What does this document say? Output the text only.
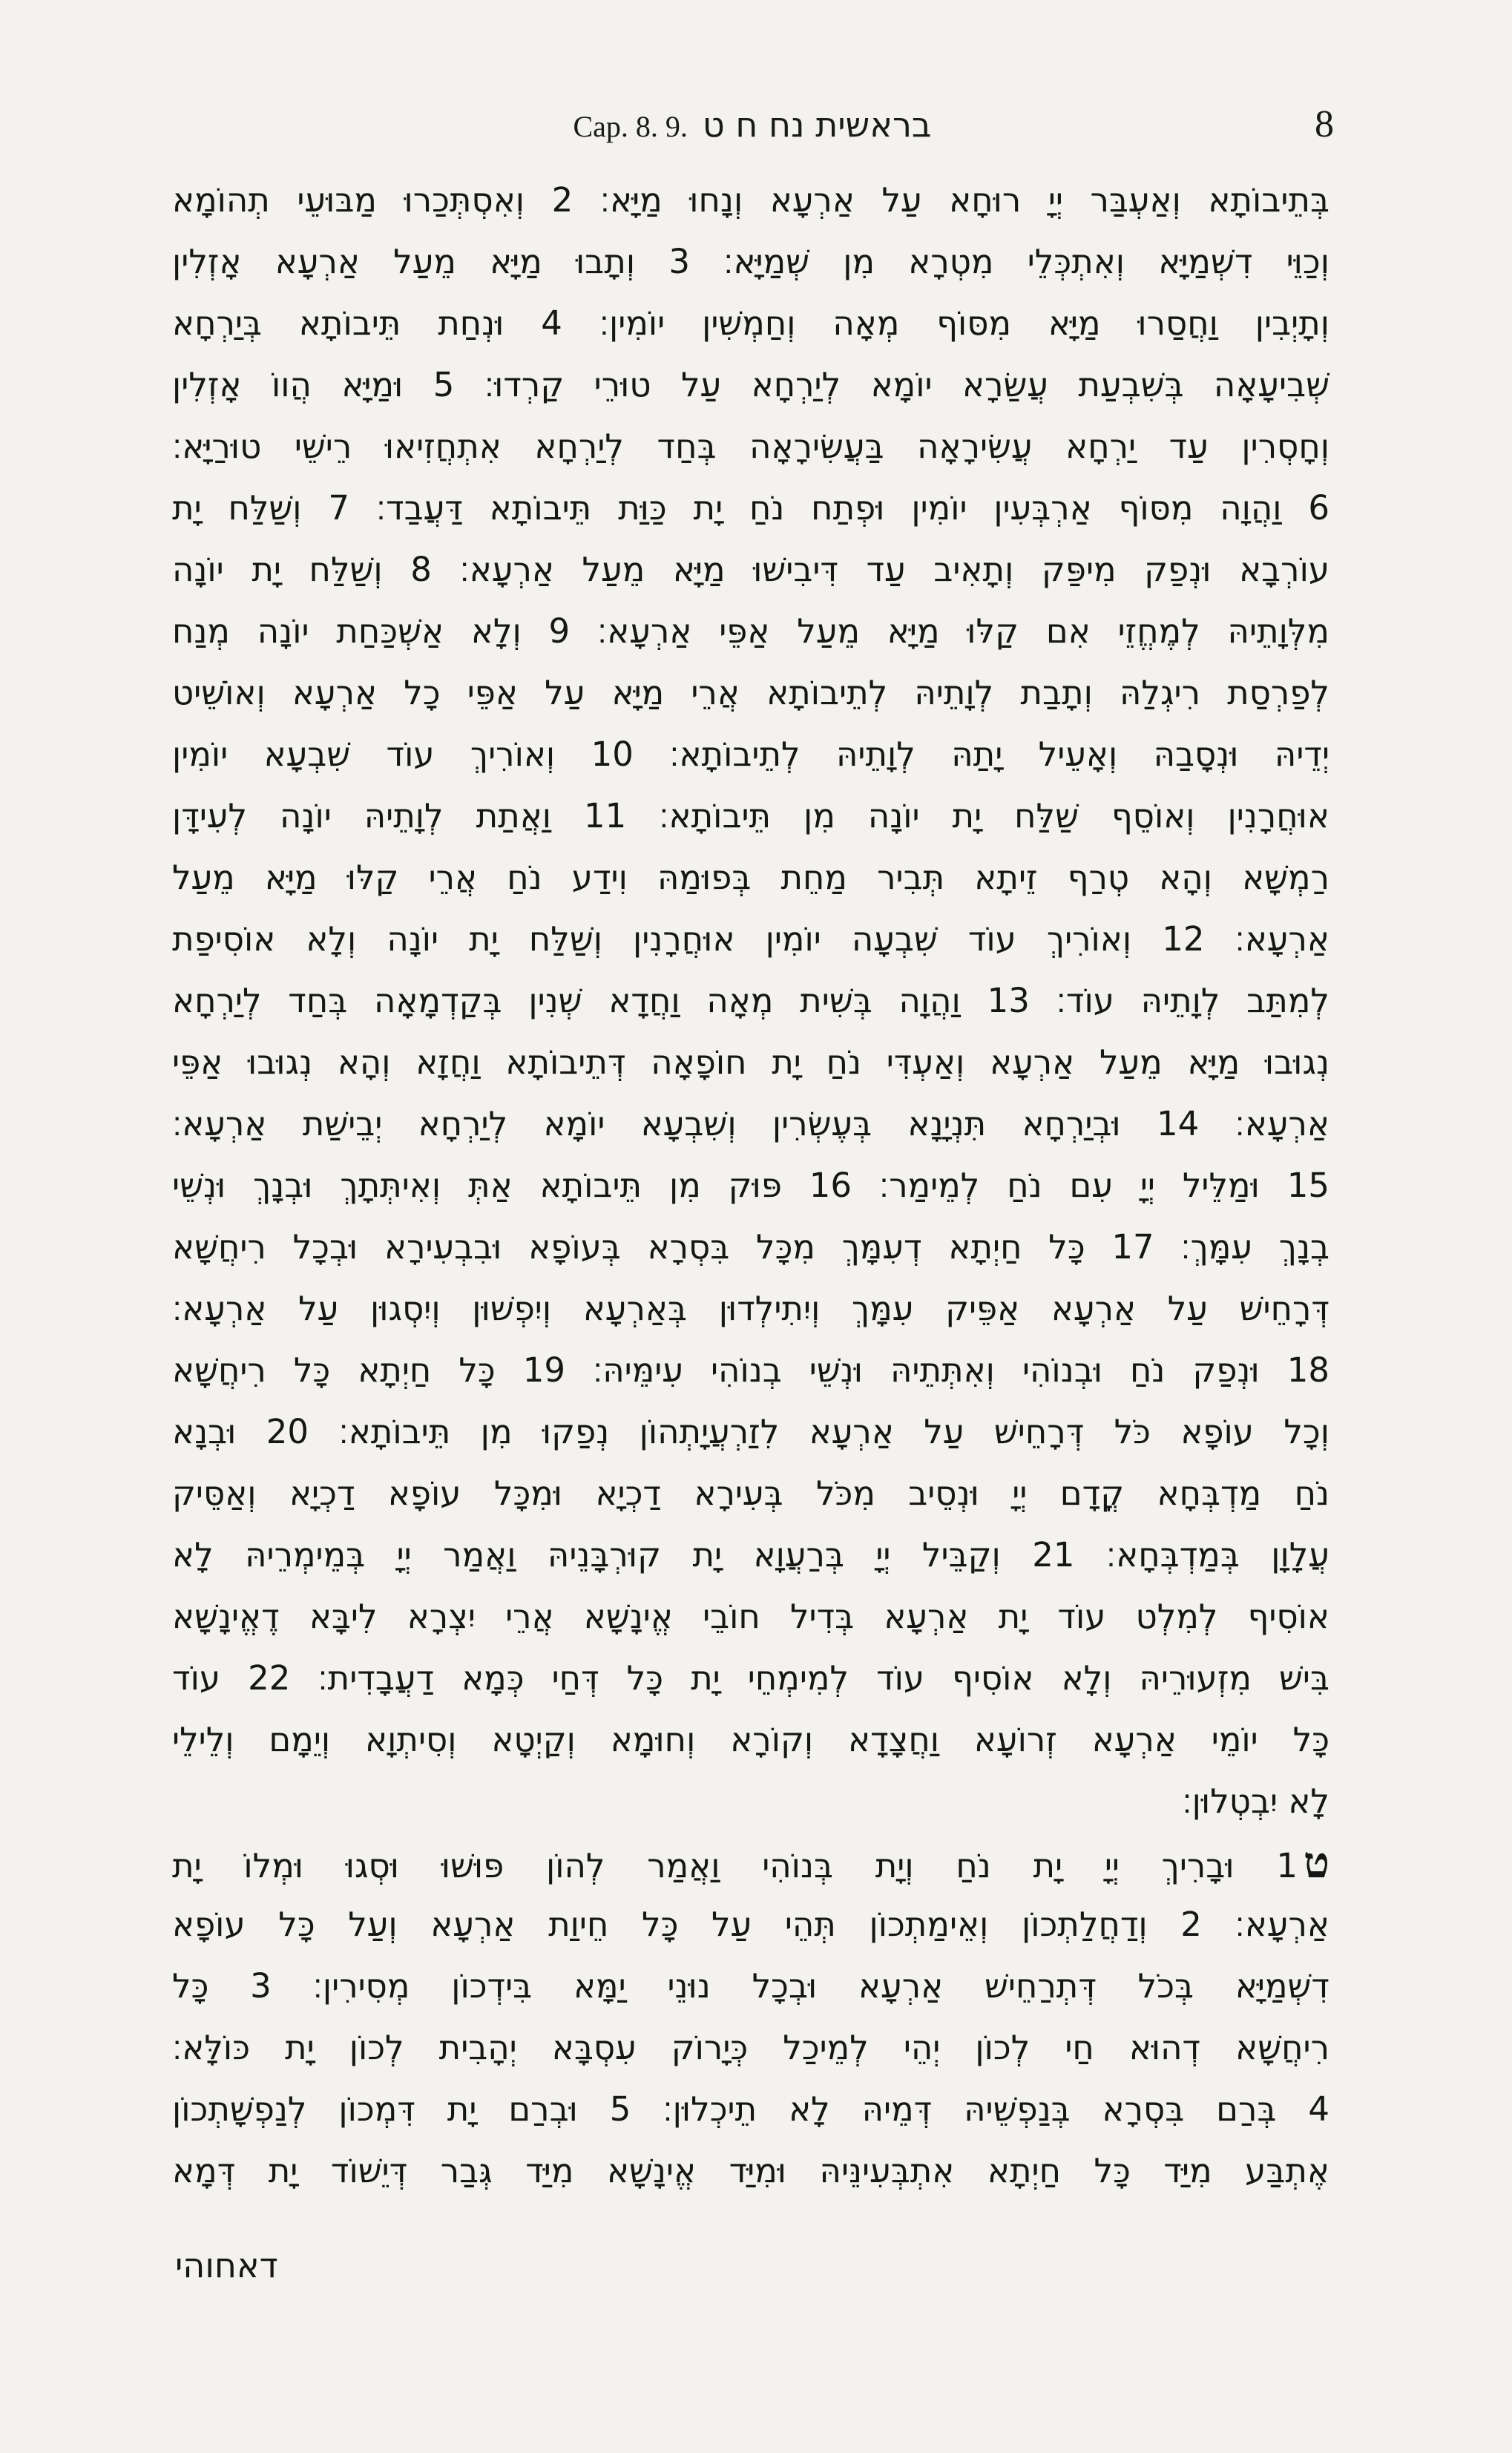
Cap. 8. 9. בראשית נח ח ט	8
בְּתֵיבוֹתָא וְאַעְבַּר יְיָ רוּחָא עַל אַרְעָא וְנָחוּ מַיָּא׃ 2 וְאִסְתְּכַרוּ מַבּוּעֵי תְהוֹמָא
וְכַוֵּי דִשְׁמַיָּא וְאִתְכְּלֵי מִטְרָא מִן שְׁמַיָּא׃ 3 וְתָבוּ מַיָּא מֵעַל אַרְעָא אָזְלִין
וְתָיְבִין וַחֲסַרוּ מַיָּא מִסּוֹף מְאָה וְחַמְשִׁין יוֹמִין׃ 4 וּנְחַת תֵּיבוֹתָא בְּיַרְחָא
שְׁבִיעָאָה בְּשִׁבְעַת עֲשַׂרָא יוֹמָא לְיַרְחָא עַל טוּרֵי קַרְדוּ׃ 5 וּמַיָּא הֲווֹ אָזְלִין
וְחָסְרִין עַד יַרְחָא עֲשִׂירָאָה בַּעֲשִׂירָאָה בְּחַד לְיַרְחָא אִתְחֲזִיאוּ רֵישֵׁי טוּרַיָּא׃
6 וַהֲוָה מִסּוֹף אַרְבְּעִין יוֹמִין וּפְתַח נֹחַ יָת כַּוַּת תֵּיבוֹתָא דַּעֲבַד׃ 7 וְשַׁלַּח יָת
עוֹרְבָא וּנְפַק מִיפַּק וְתָאִיב עַד דִּיבִישׁוּ מַיָּא מֵעַל אַרְעָא׃ 8 וְשַׁלַּח יָת יוֹנָה
מִלְּוָתֵיהּ לְמֶחֱזֵי אִם קַלּוּ מַיָּא מֵעַל אַפֵּי אַרְעָא׃ 9 וְלָא אַשְׁכַּחַת יוֹנָה מְנַח
לְפַרְסַת רִיגְלַהּ וְתָבַת לְוָתֵיהּ לְתֵיבוֹתָא אֲרֵי מַיָּא עַל אַפֵּי כָל אַרְעָא וְאוֹשֵׁיט
יְדֵיהּ וּנְסָבַהּ וְאָעֵיל יָתַהּ לְוָתֵיהּ לְתֵיבוֹתָא׃ 10 וְאוֹרִיךְ עוֹד שִׁבְעָא יוֹמִין
אוּחֲרָנִין וְאוֹסֵף שַׁלַּח יָת יוֹנָה מִן תֵּיבוֹתָא׃ 11 וַאֲתַת לְוָתֵיהּ יוֹנָה לְעִידָּן
רַמְשָׁא וְהָא טְרַף זֵיתָא תְּבִיר מַחֵת בְּפוּמַהּ וִידַע נֹחַ אֲרֵי קַלּוּ מַיָּא מֵעַל
אַרְעָא׃ 12 וְאוֹרִיךְ עוֹד שִׁבְעָה יוֹמִין אוּחֲרָנִין וְשַׁלַּח יָת יוֹנָה וְלָא אוֹסִיפַת
לְמִתַּב לְוָתֵיהּ עוֹד׃ 13 וַהֲוָה בְּשִׁית מְאָה וַחֲדָא שְׁנִין בְּקַדְמָאָה בְּחַד לְיַרְחָא
נְגוּבוּ מַיָּא מֵעַל אַרְעָא וְאַעְדִּי נֹחַ יָת חוֹפָאָה דְּתֵיבוֹתָא וַחֲזָא וְהָא נְגוּבוּ אַפֵּי
אַרְעָא׃ 14 וּבְיַרְחָא תִּנְיָנָא בְּעֶשְׂרִין וְשִׁבְעָא יוֹמָא לְיַרְחָא יְבֵישַׁת אַרְעָא׃
15 וּמַלֵּיל יְיָ עִם נֹחַ לְמֵימַר׃ 16 פּוּק מִן תֵּיבוֹתָא אַתְּ וְאִיתְּתָךְ וּבְנָךְ וּנְשֵׁי
בְנָךְ עִמָּךְ׃ 17 כָּל חַיְתָא דְעִמָּךְ מִכָּל בִּסְרָא בְּעוֹפָא וּבִבְעִירָא וּבְכָל רִיחֲשָׁא
דְּרָחֵישׁ עַל אַרְעָא אַפֵּיק עִמָּךְ וְיִתִילְדוּן בְּאַרְעָא וְיִפְשׁוּן וְיִסְגוּן עַל אַרְעָא׃
18 וּנְפַק נֹחַ וּבְנוֹהִי וְאִתְּתֵיהּ וּנְשֵׁי בְנוֹהִי עִימֵּיהּ׃ 19 כָּל חַיְתָא כָּל רִיחֲשָׁא
וְכָל עוֹפָא כֹּל דְּרָחֵישׁ עַל אַרְעָא לִזַרְעֲיָתְהוֹן נְפַקוּ מִן תֵּיבוֹתָא׃ 20 וּבְנָא
נֹחַ מַדְבְּחָא קֳדָם יְיָ וּנְסֵיב מִכֹּל בְּעִירָא דַכְיָא וּמִכָּל עוֹפָא דַכְיָא וְאַסֵּיק
עֲלָוָן בְּמַדְבְּחָא׃ 21 וְקַבֵּיל יְיָ בְּרַעֲוָא יָת קוּרְבָּנֵיהּ וַאֲמַר יְיָ בְּמֵימְרֵיהּ לָא
אוֹסִיף לְמִלְט עוֹד יָת אַרְעָא בְּדִיל חוֹבֵי אֱינָשָׁא אֲרֵי יִצְרָא לִיבָּא דֶאֱינָשָׁא
בִּישׁ מִזְעוּרֵיהּ וְלָא אוֹסִיף עוֹד לְמִימְחֵי יָת כָּל דְּחַי כְּמָא דַעֲבָדִית׃ 22 עוֹד
כָּל יוֹמֵי אַרְעָא זְרוֹעָא וַחֲצָדָא וְקוֹרָא וְחוּמָא וְקַיְטָא וְסִיתְוָא וְיֵמָם וְלֵילֵי
לָא יִבְטְלוּן׃
ט1 וּבָרִיךְ יְיָ יָת נֹחַ וְיָת בְּנוֹהִי וַאֲמַר לְהוֹן פּוּשׁוּ וּסְגוּ וּמְלוֹ יָת
אַרְעָא׃ 2 וְדַחֲלַתְכוֹן וְאֵימַתְכוֹן תְּהֵי עַל כָּל חֵיוַת אַרְעָא וְעַל כָּל עוֹפָא
דִשְׁמַיָּא בְּכֹל דְּתְרַחֵישׁ אַרְעָא וּבְכָל נוּנֵי יַמָּא בִּידְכוֹן מְסִירִין׃ 3 כָּל
רִיחֲשָׁא דְהוּא חַי לְכוֹן יְהֵי לְמֵיכַל כְּיָרוֹק עִסְבָּא יְהָבִית לְכוֹן יָת כּוֹלָּא׃
4 בְּרַם בִּסְרָא בְּנַפְשֵׁיהּ דְּמֵיהּ לָא תֵיכְלוּן׃ 5 וּבְרַם יָת דִּמְכוֹן לְנַפְשָׁתְכוֹן
אֶתְבַּע מִיַּד כָּל חַיְתָא אִתְבְּעִינֵּיהּ וּמִיַּד אֱינָשָׁא מִיַּד גְּבַר דְּיֵשׁוֹד יָת דְּמָא
דאחוהי
